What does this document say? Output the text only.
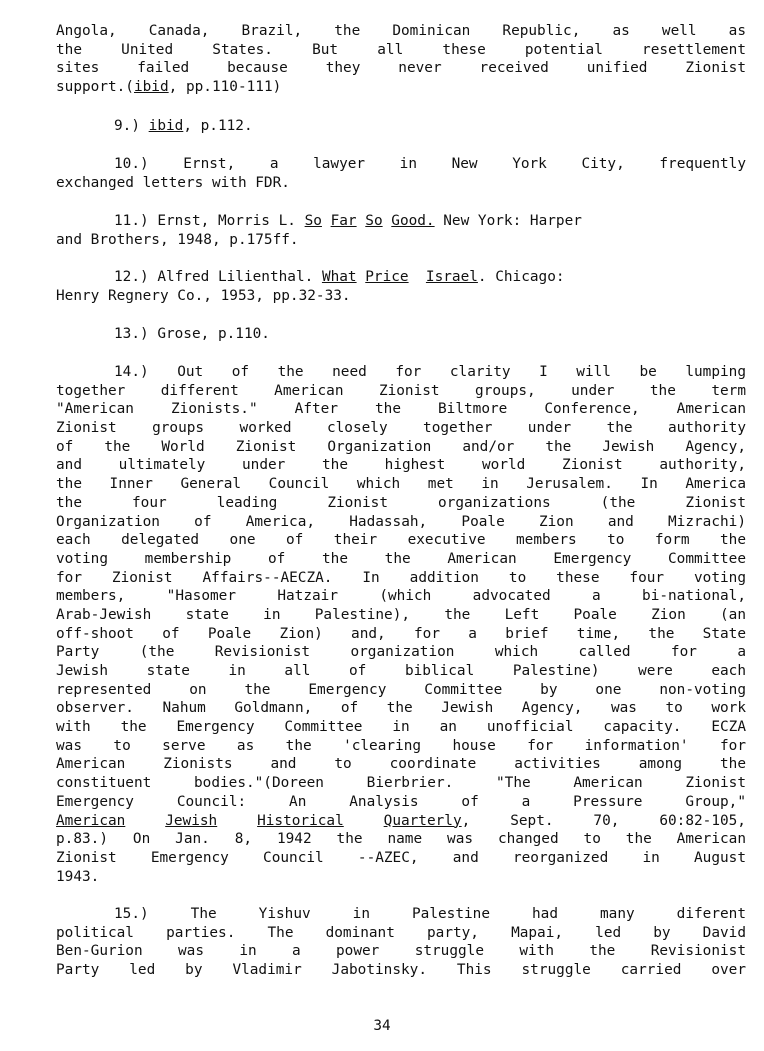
Angola, Canada, Brazil, the Dominican Republic, as well as
the United States. But all these potential resettlement
sites failed because they never received unified Zionist
support.(ibid, pp.110-111)
9.) ibid, p.112.
10.) Ernst, a lawyer in New York City, frequently
exchanged letters with FDR.
11.) Ernst, Morris L. So Far So Good. New York: Harper
and Brothers, 1948, p.175ff.
12.) Alfred Lilienthal. What Price Israel. Chicago:
Henry Regnery Co., 1953, pp.32-33.
13.) Grose, p.110.
14.) Out of the need for clarity I will be lumping
together different American Zionist groups, under the term
"American Zionists." After the Biltmore Conference, American
Zionist groups worked closely together under the authority
of the World Zionist Organization and/or the Jewish Agency,
and ultimately under the highest world Zionist authority,
the Inner General Council which met in Jerusalem. In America
the four leading Zionist organizations (the Zionist
Organization of America, Hadassah, Poale Zion and Mizrachi)
each delegated one of their executive members to form the
voting membership of the the American Emergency Committee
for Zionist Affairs--AECZA. In addition to these four voting
members, "Hasomer Hatzair (which advocated a bi-national,
Arab-Jewish state in Palestine), the Left Poale Zion (an
off-shoot of Poale Zion) and, for a brief time, the State
Party (the Revisionist organization which called for a
Jewish state in all of biblical Palestine) were each
represented on the Emergency Committee by one non-voting
observer. Nahum Goldmann, of the Jewish Agency, was to work
with the Emergency Committee in an unofficial capacity. ECZA
was to serve as the 'clearing house for information' for
American Zionists and to coordinate activities among the
constituent bodies."(Doreen Bierbrier. "The American Zionist
Emergency Council: An Analysis of a Pressure Group,"
American	Jewish	Historical	Quarterly, Sept. 70, 60:82-105,
p.83.) On Jan. 8, 1942 the name was changed to the American
Zionist Emergency Council --AZEC, and reorganized in August
1943.
15.) The Yishuv in Palestine had many diferent
political parties. The dominant party, Mapai, led by David
Ben-Gurion was in a power struggle with the Revisionist
Party led by Vladimir Jabotinsky. This struggle carried over
34
